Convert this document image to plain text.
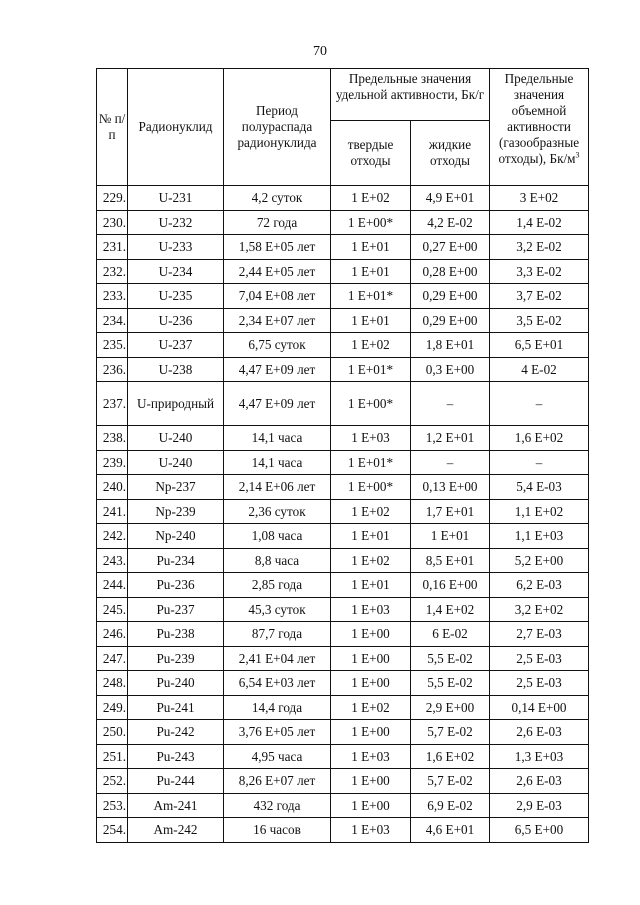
70
№ п/п	Радионуклид	Период полураспада радионуклида	Предельные значения удельной активности, Бк/г		Предельные значения объемной активности (газообразные отходы), $Бк/м^3$
			твердые отходы	жидкие отходы	
229.	U-231	4,2 суток	1 E+02	4,9 E+01	3 E+02
230.	U-232	72 года	1 E+00*	4,2 E-02	1,4 E-02
231.	U-233	1,58 E+05 лет	1 E+01	0,27 E+00	3,2 E-02
232.	U-234	2,44 E+05 лет	1 E+01	0,28 E+00	3,3 E-02
233.	U-235	7,04 E+08 лет	1 E+01*	0,29 E+00	3,7 E-02
234.	U-236	2,34 E+07 лет	1 E+01	0,29 E+00	3,5 E-02
235.	U-237	6,75 суток	1 E+02	1,8 E+01	6,5 E+01
236.	U-238	4,47 E+09 лет	1 E+01*	0,3 E+00	4 E-02
237.	U-природный	4,47 E+09 лет	1 E+00*	–	–
238.	U-240	14,1 часа	1 E+03	1,2 E+01	1,6 E+02
239.	U-240	14,1 часа	1 E+01*	–	–
240.	Np-237	2,14 E+06 лет	1 E+00*	0,13 E+00	5,4 E-03
241.	Np-239	2,36 суток	1 E+02	1,7 E+01	1,1 E+02
242.	Np-240	1,08 часа	1 E+01	1 E+01	1,1 E+03
243.	Pu-234	8,8 часа	1 E+02	8,5 E+01	5,2 E+00
244.	Pu-236	2,85 года	1 E+01	0,16 E+00	6,2 E-03
245.	Pu-237	45,3 суток	1 E+03	1,4 E+02	3,2 E+02
246.	Pu-238	87,7 года	1 E+00	6 E-02	2,7 E-03
247.	Pu-239	2,41 E+04 лет	1 E+00	5,5 E-02	2,5 E-03
248.	Pu-240	6,54 E+03 лет	1 E+00	5,5 E-02	2,5 E-03
249.	Pu-241	14,4 года	1 E+02	2,9 E+00	0,14 E+00
250.	Pu-242	3,76 E+05 лет	1 E+00	5,7 E-02	2,6 E-03
251.	Pu-243	4,95 часа	1 E+03	1,6 E+02	1,3 E+03
252.	Pu-244	8,26 E+07 лет	1 E+00	5,7 E-02	2,6 E-03
253.	Am-241	432 года	1 E+00	6,9 E-02	2,9 E-03
254.	Am-242	16 часов	1 E+03	4,6 E+01	6,5 E+00
